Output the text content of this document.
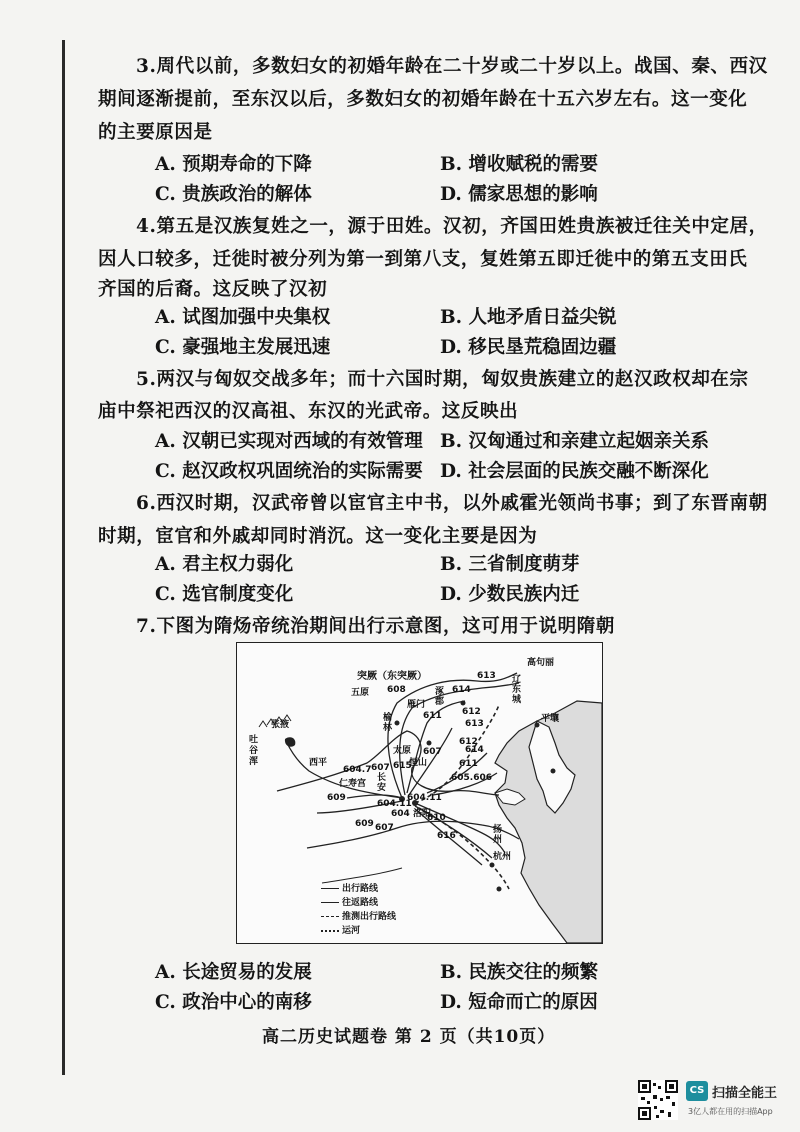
3.周代以前，多数妇女的初婚年龄在二十岁或二十岁以上。战国、秦、西汉
期间逐渐提前，至东汉以后，多数妇女的初婚年龄在十五六岁左右。这一变化
的主要原因是
A. 预期寿命的下降	B. 增收赋税的需要
C. 贵族政治的解体	D. 儒家思想的影响
4.第五是汉族复姓之一，源于田姓。汉初，齐国田姓贵族被迁往关中定居，
因人口较多，迁徙时被分列为第一到第八支，复姓第五即迁徙中的第五支田氏
齐国的后裔。这反映了汉初
A. 试图加强中央集权	B. 人地矛盾日益尖锐
C. 豪强地主发展迅速	D. 移民垦荒稳固边疆
5.两汉与匈奴交战多年；而十六国时期，匈奴贵族建立的赵汉政权却在宗
庙中祭祀西汉的汉高祖、东汉的光武帝。这反映出
A. 汉朝已实现对西域的有效管理 B. 汉匈通过和亲建立起姻亲关系
C. 赵汉政权巩固统治的实际需要 D. 社会层面的民族交融不断深化
6.西汉时期，汉武帝曾以宦官主中书，以外戚霍光领尚书事；到了东晋南朝
时期，宦官和外戚却同时消沉。这一变化主要是因为
A. 君主权力弱化	B. 三省制度萌芽
C. 选官制度变化	D. 少数民族内迁
7.下图为隋炀帝统治期间出行示意图，这可用于说明隋朝
突厥（东突厥）
高句丽
辽东城
平壤
五原	涿郡
雁门
榆林
太原
恒山
张掖
吐谷浑	西平
仁寿宫
长安
洛阳
扬州
杭州
608	614
613
611 612
613
612
614
611
607
604.7 607 615
605.606
609
604.11
604.11
604 610
609 607
616
出行路线
往返路线
推测出行路线
运河
A. 长途贸易的发展	B. 民族交往的频繁
C. 政治中心的南移	D. 短命而亡的原因
高二历史试题卷 第 2 页（共10页）
CS 扫描全能王
3亿人都在用的扫描App
